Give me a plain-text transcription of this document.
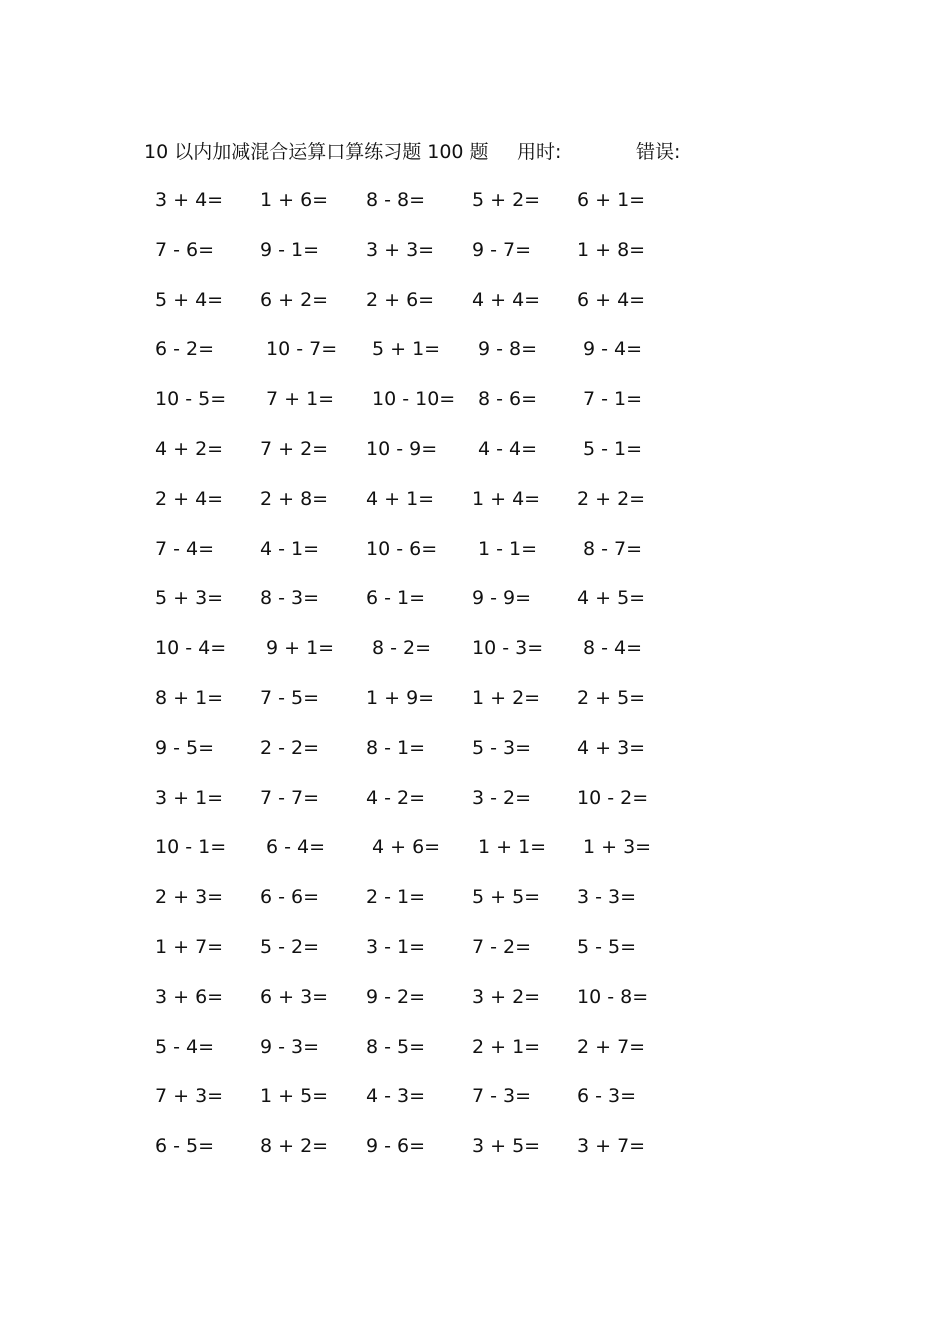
10 以内加减混合运算口算练习题 100 题 用时:	错误:
3 + 4= 1 + 6= 8 - 8= 5 + 2= 6 + 1=
7 - 6= 9 - 1= 3 + 3= 9 - 7= 1 + 8=
5 + 4= 6 + 2= 2 + 6= 4 + 4= 6 + 4=
6 - 2=	10 - 7= 5 + 1= 9 - 8= 9 - 4=
10 - 5= 7 + 1= 10 - 10= 8 - 6= 7 - 1=
4 + 2= 7 + 2= 10 - 9= 4 - 4= 5 - 1=
2 + 4= 2 + 8= 4 + 1= 1 + 4= 2 + 2=
7 - 4= 4 - 1= 10 - 6= 1 - 1= 8 - 7=
5 + 3= 8 - 3= 6 - 1= 9 - 9= 4 + 5=
10 - 4= 9 + 1= 8 - 2= 10 - 3= 8 - 4=
8 + 1= 7 - 5= 1 + 9= 1 + 2= 2 + 5=
9 - 5= 2 - 2= 8 - 1= 5 - 3= 4 + 3=
3 + 1= 7 - 7= 4 - 2= 3 - 2= 10 - 2=
10 - 1= 6 - 4= 4 + 6= 1 + 1= 1 + 3=
2 + 3= 6 - 6= 2 - 1= 5 + 5= 3 - 3=
1 + 7= 5 - 2= 3 - 1= 7 - 2= 5 - 5=
3 + 6= 6 + 3= 9 - 2= 3 + 2= 10 - 8=
5 - 4= 9 - 3= 8 - 5= 2 + 1= 2 + 7=
7 + 3= 1 + 5= 4 - 3= 7 - 3= 6 - 3=
6 - 5= 8 + 2= 9 - 6= 3 + 5= 3 + 7=
